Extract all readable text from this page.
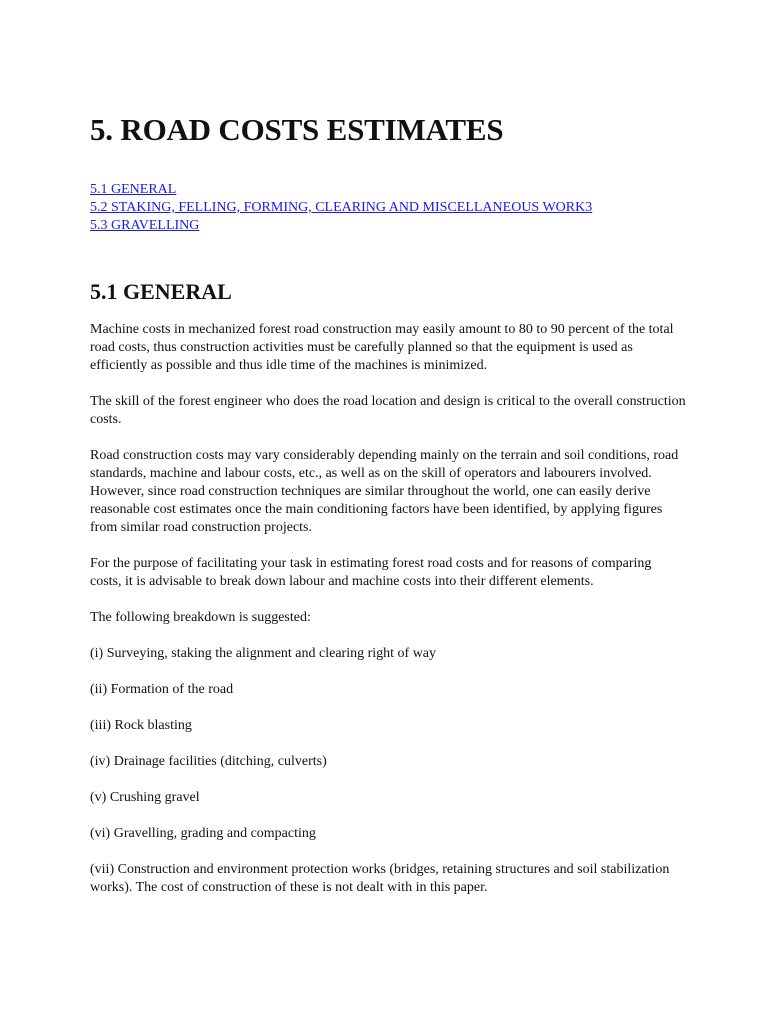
5. ROAD COSTS ESTIMATES
5.1 GENERAL
5.2 STAKING, FELLING, FORMING, CLEARING AND MISCELLANEOUS WORK3
5.3 GRAVELLING
5.1 GENERAL

Machine costs in mechanized forest road construction may easily amount to 80 to 90 percent of the total road costs, thus construction activities must be carefully planned so that the equipment is used as efficiently as possible and thus idle time of the machines is minimized.

The skill of the forest engineer who does the road location and design is critical to the overall construction costs.

Road construction costs may vary considerably depending mainly on the terrain and soil conditions, road standards, machine and labour costs, etc., as well as on the skill of operators and labourers involved. However, since road construction techniques are similar throughout the world, one can easily derive reasonable cost estimates once the main conditioning factors have been identified, by applying figures from similar road construction projects.

For the purpose of facilitating your task in estimating forest road costs and for reasons of comparing costs, it is advisable to break down labour and machine costs into their different elements.

The following breakdown is suggested:

(i) Surveying, staking the alignment and clearing right of way

(ii) Formation of the road

(iii) Rock blasting

(iv) Drainage facilities (ditching, culverts)

(v) Crushing gravel

(vi) Gravelling, grading and compacting

(vii) Construction and environment protection works (bridges, retaining structures and soil stabilization works). The cost of construction of these is not dealt with in this paper.
